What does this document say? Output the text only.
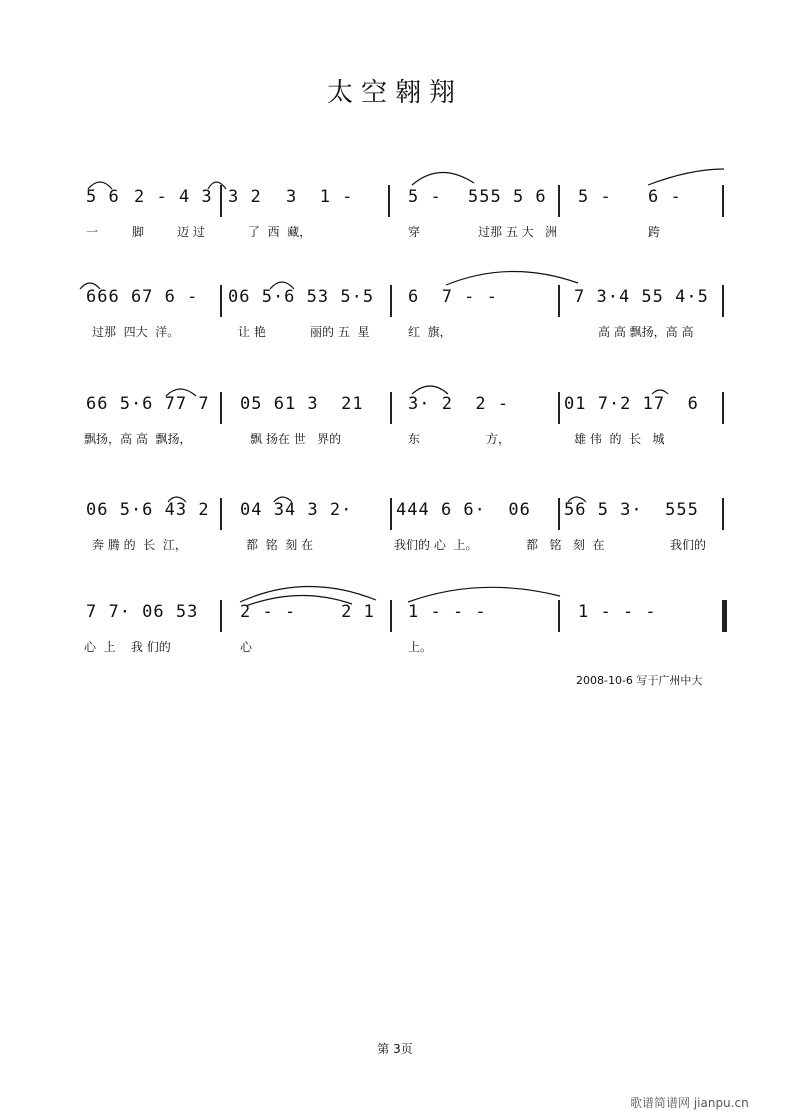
太空翱翔
5 6 2 - 4 3 3 2 3  1 -	5 - 555 5 6 5 - 6 -
一	脚	迈 过	了  西  藏，	穿	过那 五 大   洲	跨
666 67 6 - 06 5·6 53 5·5 6  7 - -	7 3·4 55 4·5
过那  四大  洋。	让 艳	丽的 五  星	红  旗，	高 高 飘扬，高 高
66 5·6 77 7 05 61 3  21	3· 2  2 -	01 7·2 17  6
飘扬，高 高  飘扬，	飘 扬在 世   界的	东	方，	雄 伟  的  长   城
06 5·6 43 2 04 34 3 2·	444 6 6·  06 56 5 3·  555
奔 腾 的  长  江，	都  铭  刻 在	我们的 心  上。	都   铭   刻  在	我们的
7 7· 06 53 2 - -    2 1 1 - - -	1 - - -
心  上    我 们的	心	上。
2008-10-6 写于广州中大
第 3页
歌谱简谱网 jianpu.cn
